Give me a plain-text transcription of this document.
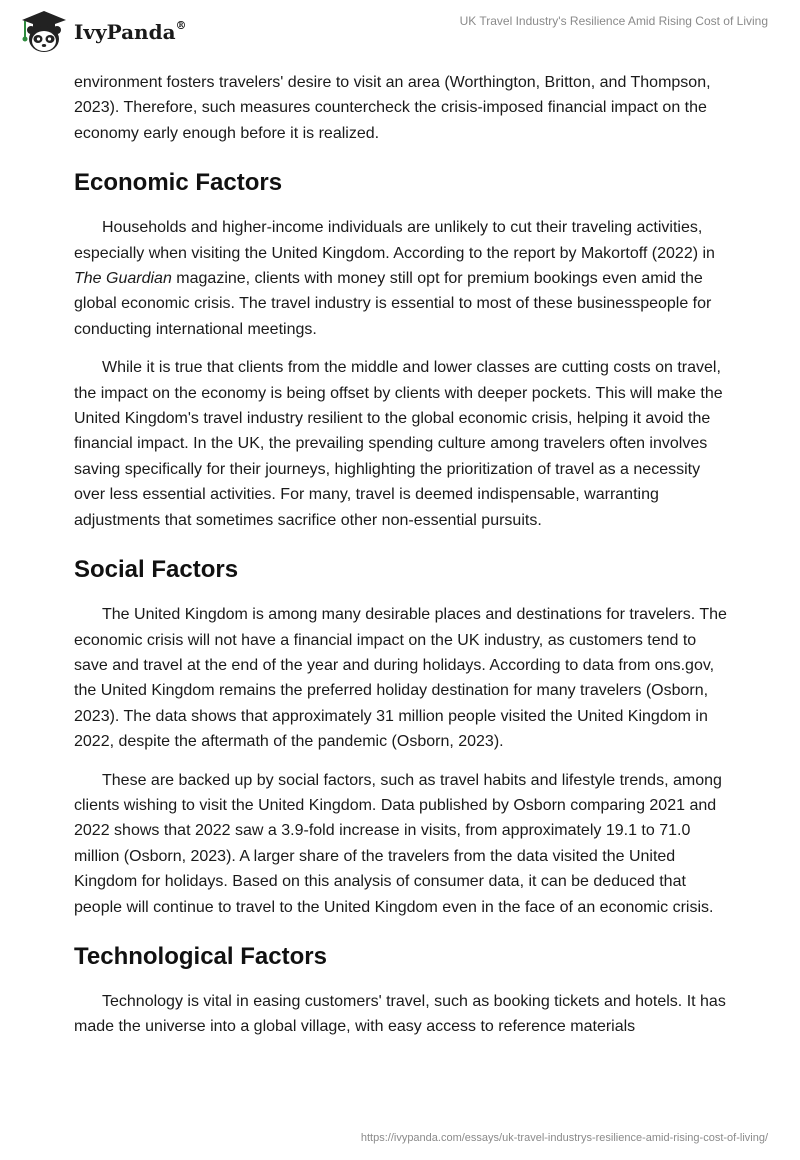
IvyPanda®	UK Travel Industry's Resilience Amid Rising Cost of Living

environment fosters travelers' desire to visit an area (Worthington, Britton, and Thompson, 2023). Therefore, such measures countercheck the crisis-imposed financial impact on the economy early enough before it is realized.

Economic Factors

Households and higher-income individuals are unlikely to cut their traveling activities, especially when visiting the United Kingdom. According to the report by Makortoff (2022) in The Guardian magazine, clients with money still opt for premium bookings even amid the global economic crisis. The travel industry is essential to most of these businesspeople for conducting international meetings.

While it is true that clients from the middle and lower classes are cutting costs on travel, the impact on the economy is being offset by clients with deeper pockets. This will make the United Kingdom's travel industry resilient to the global economic crisis, helping it avoid the financial impact. In the UK, the prevailing spending culture among travelers often involves saving specifically for their journeys, highlighting the prioritization of travel as a necessity over less essential activities. For many, travel is deemed indispensable, warranting adjustments that sometimes sacrifice other non-essential pursuits.

Social Factors

The United Kingdom is among many desirable places and destinations for travelers. The economic crisis will not have a financial impact on the UK industry, as customers tend to save and travel at the end of the year and during holidays. According to data from ons.gov, the United Kingdom remains the preferred holiday destination for many travelers (Osborn, 2023). The data shows that approximately 31 million people visited the United Kingdom in 2022, despite the aftermath of the pandemic (Osborn, 2023).

These are backed up by social factors, such as travel habits and lifestyle trends, among clients wishing to visit the United Kingdom. Data published by Osborn comparing 2021 and 2022 shows that 2022 saw a 3.9-fold increase in visits, from approximately 19.1 to 71.0 million (Osborn, 2023). A larger share of the travelers from the data visited the United Kingdom for holidays. Based on this analysis of consumer data, it can be deduced that people will continue to travel to the United Kingdom even in the face of an economic crisis.

Technological Factors

Technology is vital in easing customers' travel, such as booking tickets and hotels. It has made the universe into a global village, with easy access to reference materials

https://ivypanda.com/essays/uk-travel-industrys-resilience-amid-rising-cost-of-living/
